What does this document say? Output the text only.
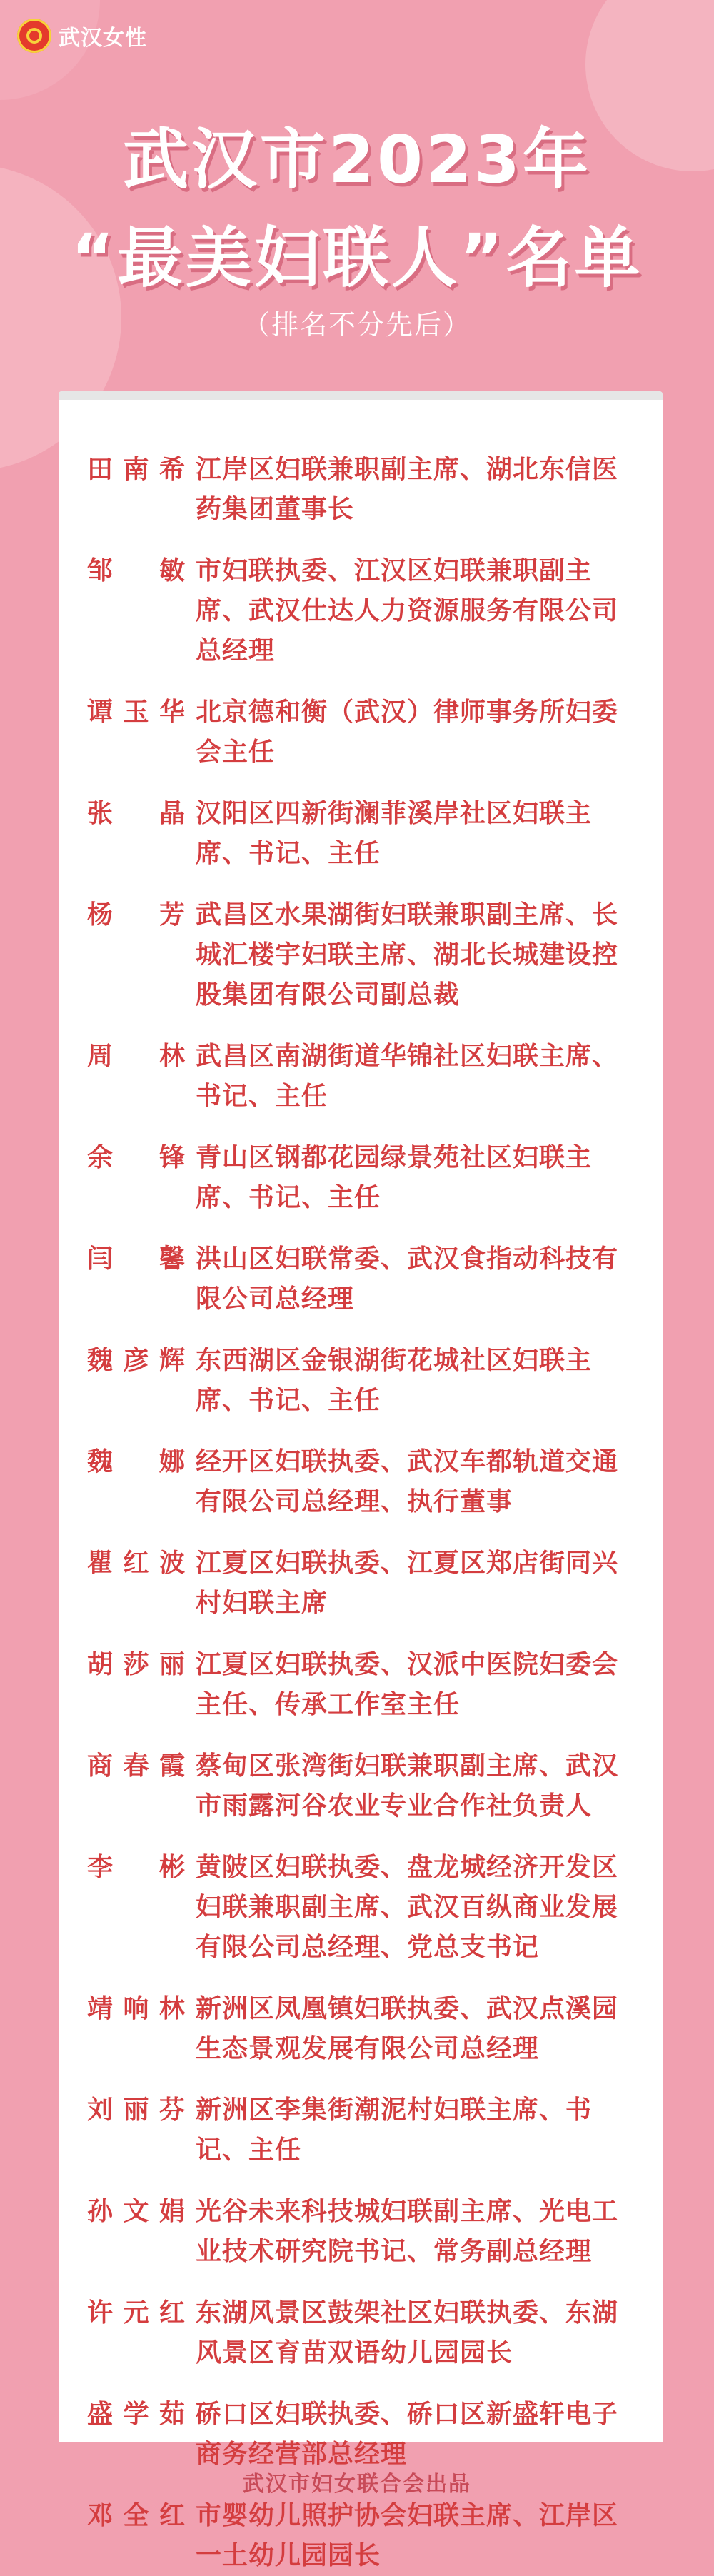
武汉女性
武汉市2023年
“最美妇联人”名单
（排名不分先后）
田南希 江岸区妇联兼职副主席、湖北东信医药集团董事长
邹敏 市妇联执委、江汉区妇联兼职副主席、武汉仕达人力资源服务有限公司总经理
谭玉华 北京德和衡（武汉）律师事务所妇委会主任
张晶 汉阳区四新街澜菲溪岸社区妇联主席、书记、主任
杨芳 武昌区水果湖街妇联兼职副主席、长城汇楼宇妇联主席、湖北长城建设控股集团有限公司副总裁
周林 武昌区南湖街道华锦社区妇联主席、书记、主任
余锋 青山区钢都花园绿景苑社区妇联主席、书记、主任
闫馨 洪山区妇联常委、武汉食指动科技有限公司总经理
魏彦辉 东西湖区金银湖街花城社区妇联主席、书记、主任
魏娜 经开区妇联执委、武汉车都轨道交通有限公司总经理、执行董事
瞿红波 江夏区妇联执委、江夏区郑店街同兴村妇联主席
胡莎丽 江夏区妇联执委、汉派中医院妇委会主任、传承工作室主任
商春霞 蔡甸区张湾街妇联兼职副主席、武汉市雨露河谷农业专业合作社负责人
李彬 黄陂区妇联执委、盘龙城经济开发区妇联兼职副主席、武汉百纵商业发展有限公司总经理、党总支书记
靖响林 新洲区凤凰镇妇联执委、武汉点溪园生态景观发展有限公司总经理
刘丽芬 新洲区李集街潮泥村妇联主席、书记、主任
孙文娟 光谷未来科技城妇联副主席、光电工业技术研究院书记、常务副总经理
许元红 东湖风景区鼓架社区妇联执委、东湖风景区育苗双语幼儿园园长
盛学茹 硚口区妇联执委、硚口区新盛轩电子商务经营部总经理
邓全红 市婴幼儿照护协会妇联主席、江岸区一土幼儿园园长
武汉市妇女联合会出品
